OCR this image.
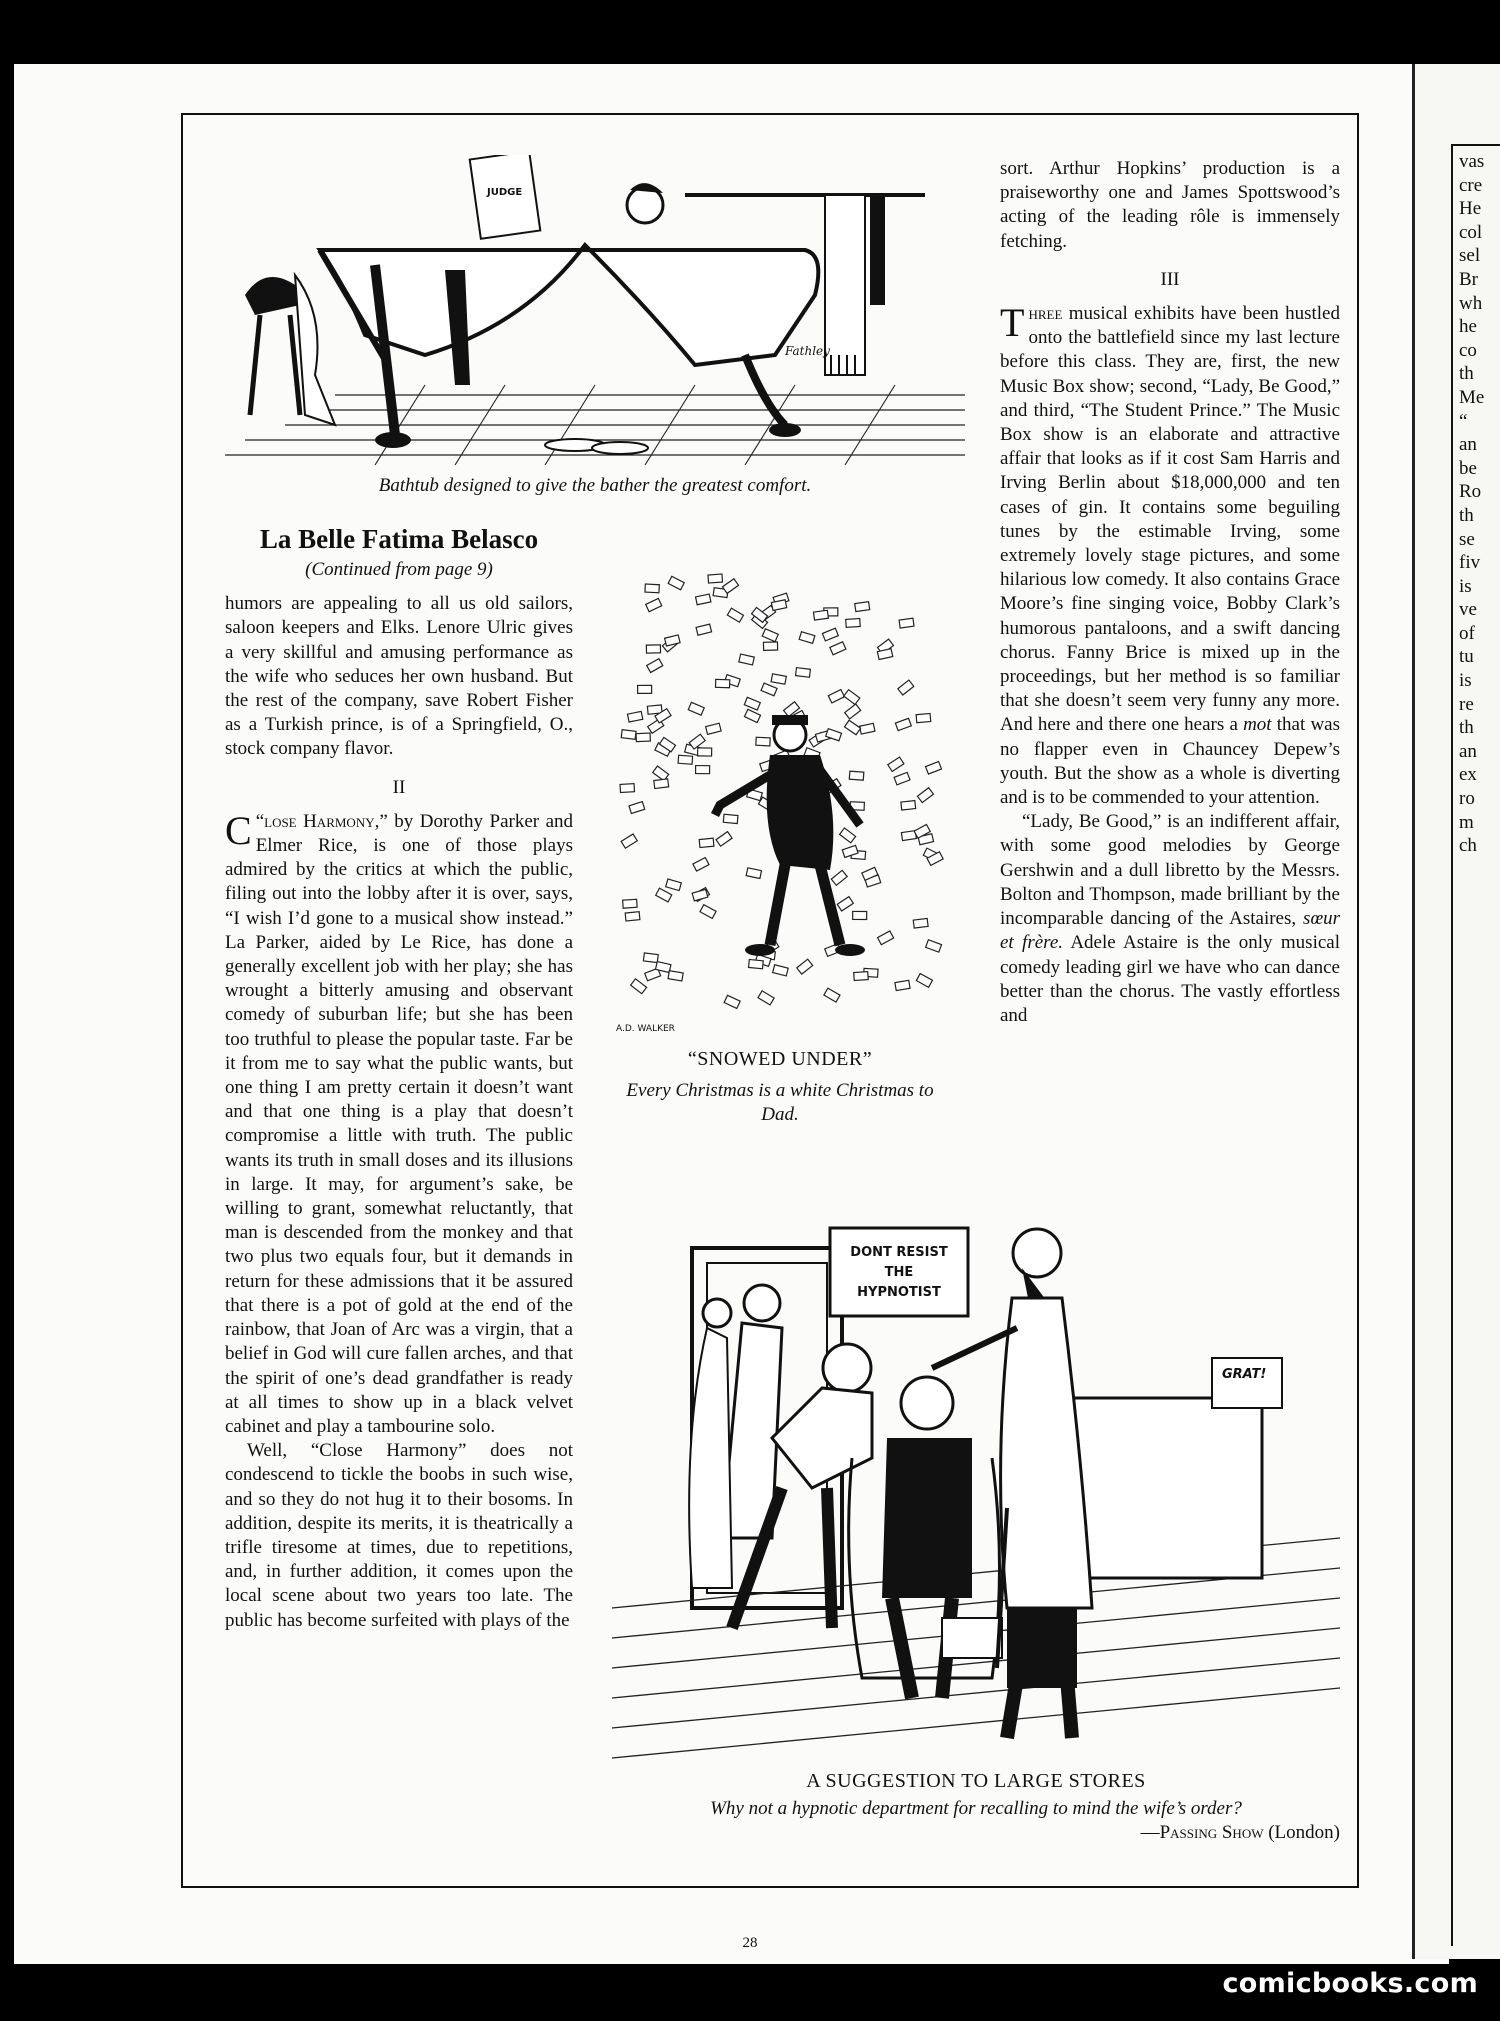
vas
cre
He
col
sel
Br
wh
he
co
th
Me
“
an
be
Ro
th
se
fiv
is
ve
of
tu
is
re
th
an
ex
ro
m
ch
JUDGE
Fathley
Bathtub designed to give the bather the greatest comfort.
La Belle Fatima Belasco
(Continued from page 9)

humors are appealing to all us old sailors, saloon keepers and Elks. Lenore Ulric gives a very skillful and amusing performance as the wife who seduces her own husband. But the rest of the company, save Robert Fisher as a Turkish prince, is of a Springfield, O., stock company flavor.

II

“
C lose Harmony,” by Dorothy Parker and Elmer Rice, is one of those plays admired by the critics at which the public, filing out into the lobby after it is over, says, “I wish I’d gone to a musical show instead.” La Parker, aided by Le Rice, has done a generally excellent job with her play; she has wrought a bitterly amusing and observant comedy of suburban life; but she has been too truthful to please the popular taste. Far be it from me to say what the public wants, but one thing I am pretty certain it doesn’t want and that one thing is a play that doesn’t compromise a little with truth. The public wants its truth in small doses and its illusions in large. It may, for argument’s sake, be willing to grant, somewhat reluctantly, that man is descended from the monkey and that two plus two equals four, but it demands in return for these admissions that it be assured that there is a pot of gold at the end of the rainbow, that Joan of Arc was a virgin, that a belief in God will cure fallen arches, and that the spirit of one’s dead grandfather is ready at all times to show up in a black velvet cabinet and play a tambourine solo.

Well, “Close Harmony” does not condescend to tickle the boobs in such wise, and so they do not hug it to their bosoms. In addition, despite its merits, it is theatrically a trifle tiresome at times, due to repetitions, and, in further addition, it comes upon the local scene about two years too late. The public has become surfeited with plays of the

A.D. WALKER
“SNOWED UNDER”
Every Christmas is a white Christmas to Dad.

sort. Arthur Hopkins’ production is a praiseworthy one and James Spottswood’s acting of the leading rôle is immensely fetching.

III

Three musical exhibits have been hustled onto the battlefield since my last lecture before this class. They are, first, the new Music Box show; second, “Lady, Be Good,” and third, “The Student Prince.” The Music Box show is an elaborate and attractive affair that looks as if it cost Sam Harris and Irving Berlin about $18,000,000 and ten cases of gin. It contains some beguiling tunes by the estimable Irving, some extremely lovely stage pictures, and some hilarious low comedy. It also contains Grace Moore’s fine singing voice, Bobby Clark’s humorous pantaloons, and a swift dancing chorus. Fanny Brice is mixed up in the proceedings, but her method is so familiar that she doesn’t seem very funny any more. And here and there one hears a mot that was no flapper even in Chauncey Depew’s youth. But the show as a whole is diverting and is to be commended to your attention.

“Lady, Be Good,” is an indifferent affair, with some good melodies by George Gershwin and a dull libretto by the Messrs. Bolton and Thompson, made brilliant by the incomparable dancing of the Astaires, sœur et frère. Adele Astaire is the only musical comedy leading girl we have who can dance better than the chorus. The vastly effortless and

DONT RESIST
THE
HYPNOTIST
GRAT!
A SUGGESTION TO LARGE STORES
Why not a hypnotic department for recalling to mind the wife’s order?
—Passing Show (London)
28
comicbooks.com
